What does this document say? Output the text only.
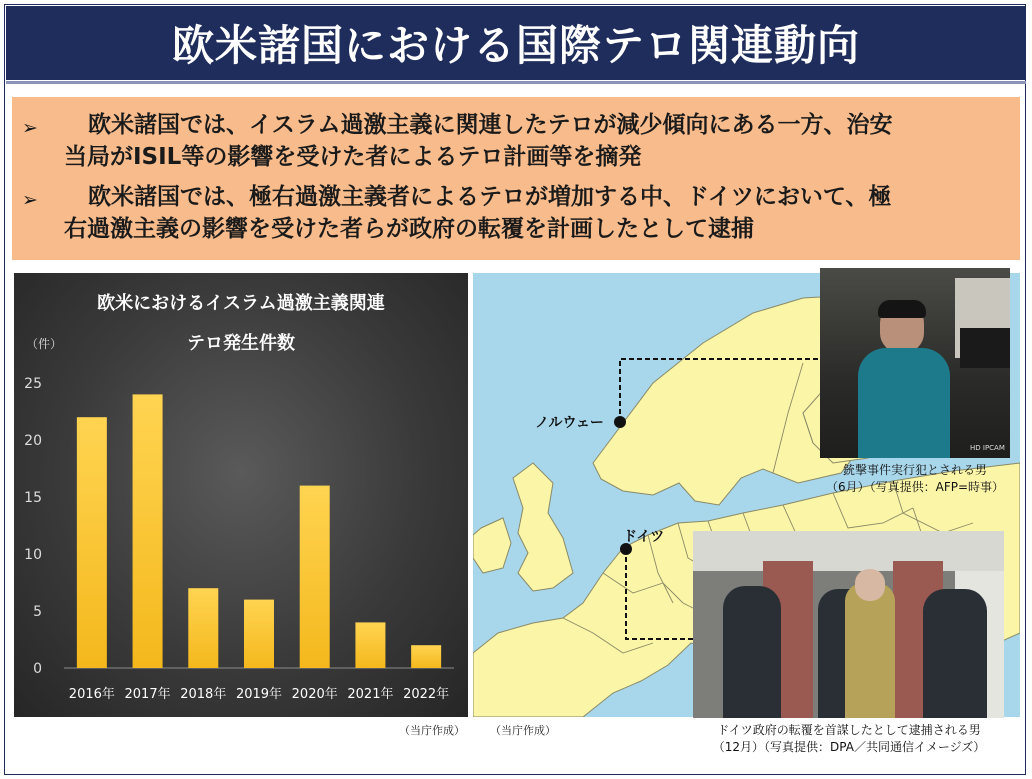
欧米諸国における国際テロ関連動向
➢	欧米諸国では、イスラム過激主義に関連したテロが減少傾向にある一方、治安
当局がISIL等の影響を受けた者によるテロ計画等を摘発
➢	欧米諸国では、極右過激主義者によるテロが増加する中、ドイツにおいて、極
右過激主義の影響を受けた者らが政府の転覆を計画したとして逮捕
欧米におけるイスラム過激主義関連
テロ発生件数
（件）
0
5
10
15
20
25
2016年 2017年 2018年 2019年 2020年 2021年 2022年
（当庁作成）
ノルウェー
ドイツ
（当庁作成）
HD IPCAM
銃撃事件実行犯とされる男
（6月）（写真提供：AFP=時事）
ドイツ政府の転覆を首謀したとして逮捕される男
（12月）（写真提供：DPA／共同通信イメージズ）
